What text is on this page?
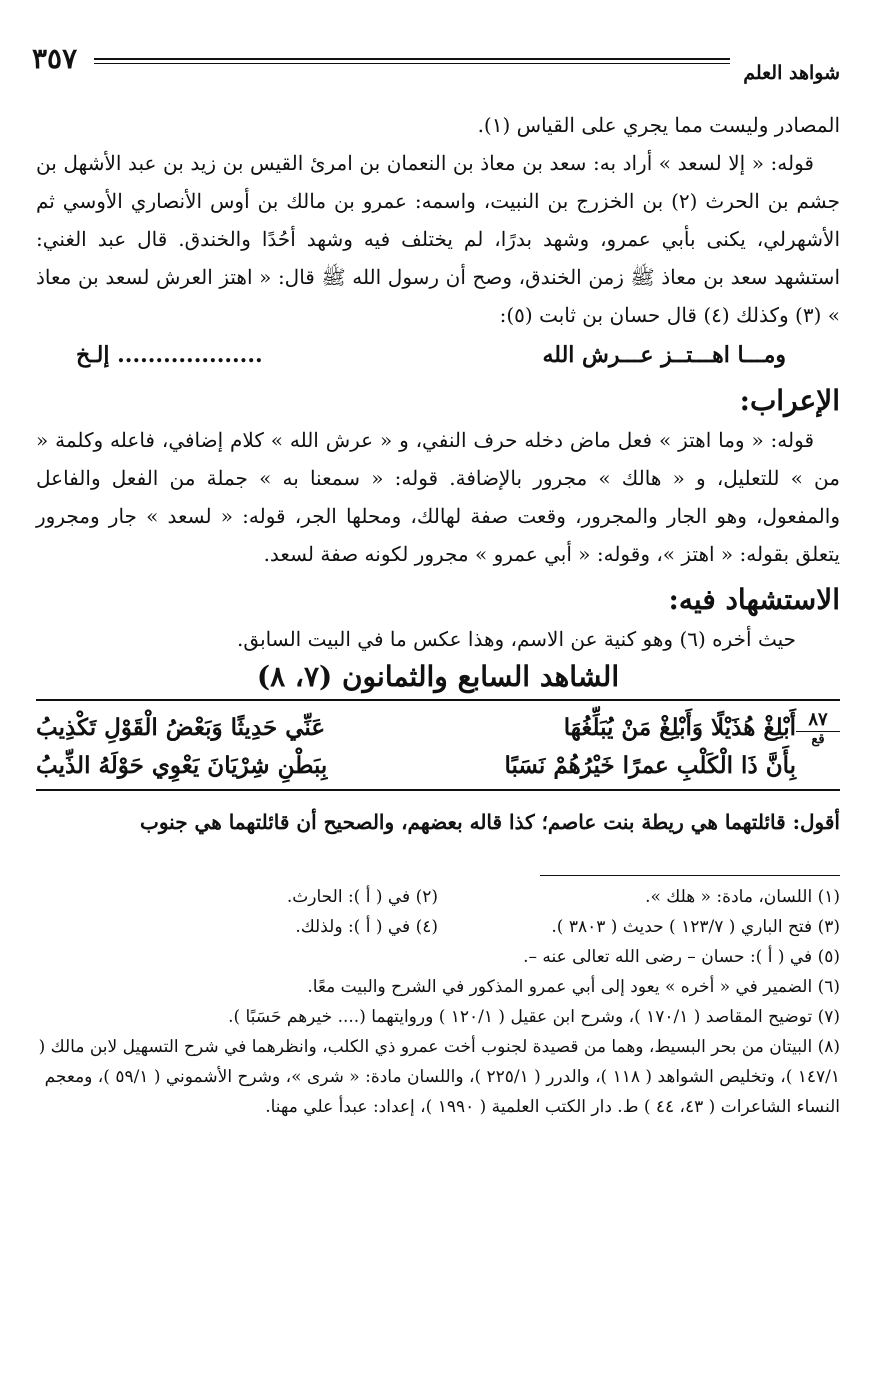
٣٥٧	شواهد العلم

المصادر وليست مما يجري على القياس (١).

قوله: « إلا لسعد » أراد به: سعد بن معاذ بن النعمان بن امرئ القيس بن زيد بن عبد الأشهل بن جشم بن الحرث (٢) بن الخزرج بن النبيت، واسمه: عمرو بن مالك بن أوس الأنصاري الأوسي ثم الأشهرلي، يكنى بأبي عمرو، وشهد بدرًا، لم يختلف فيه وشهد أحُدًا والخندق. قال عبد الغني: استشهد سعد بن معاذ ﷺ زمن الخندق، وصح أن رسول الله ﷺ قال: « اهتز العرش لسعد بن معاذ » (٣) وكذلك (٤) قال حسان بن ثابت (٥):

ومـــا اهـــتــز عـــرش الله
................... إلـخ
الإعراب:

قوله: « وما اهتز » فعل ماض دخله حرف النفي، و « عرش الله » كلام إضافي، فاعله وكلمة « من » للتعليل، و « هالك » مجرور بالإضافة. قوله: « سمعنا به » جملة من الفعل والفاعل والمفعول، وهو الجار والمجرور، وقعت صفة لهالك، ومحلها الجر، قوله: « لسعد » جار ومجرور يتعلق بقوله: « اهتز »، وقوله: « أبي عمرو » مجرور لكونه صفة لسعد.

الاستشهاد فيه:
حيث أخره (٦) وهو كنية عن الاسم، وهذا عكس ما في البيت السابق.
الشاهد السابع والثمانون (٧، ٨)
٨٧
قع
أَبْلِغْ هُذَيْلًا وَأَبْلِغْ مَنْ يُبَلِّغُهَا
عَنِّي حَدِيثًا وَبَعْضُ الْقَوْلِ تَكْذِيبُ
بِأَنَّ ذَا الْكَلْبِ عمرًا خَيْرُهُمْ نَسَبًا
بِبَطْنِ شِرْيَانَ يَعْوِي حَوْلَهُ الذِّيبُ

أقول: قائلتهما هي ريطة بنت عاصم؛ كذا قاله بعضهم، والصحيح أن قائلتهما هي جنوب

(١) اللسان، مادة: « هلك ».
(٢) في ( أ ): الحارث.
(٣) فتح الباري ( ١٢٣/٧ ) حديث ( ٣٨٠٣ ).
(٤) في ( أ ): ولذلك.
(٥) في ( أ ): حسان – رضى الله تعالى عنه –.
(٦) الضمير في « أخره » يعود إلى أبي عمرو المذكور في الشرح والبيت معًا.
(٧) توضيح المقاصد ( ١٧٠/١ )، وشرح ابن عقيل ( ١٢٠/١ ) وروايتهما (.... خيرهم حَسَبًا ).
(٨) البيتان من بحر البسيط، وهما من قصيدة لجنوب أخت عمرو ذي الكلب، وانظرهما في شرح التسهيل لابن مالك ( ١٤٧/١ )، وتخليص الشواهد ( ١١٨ )، والدرر ( ٢٢٥/١ )، واللسان مادة: « شرى »، وشرح الأشموني ( ٥٩/١ )، ومعجم النساء الشاعرات ( ٤٣، ٤٤ ) ط. دار الكتب العلمية ( ١٩٩٠ )، إعداد: عبدأ علي مهنا.
